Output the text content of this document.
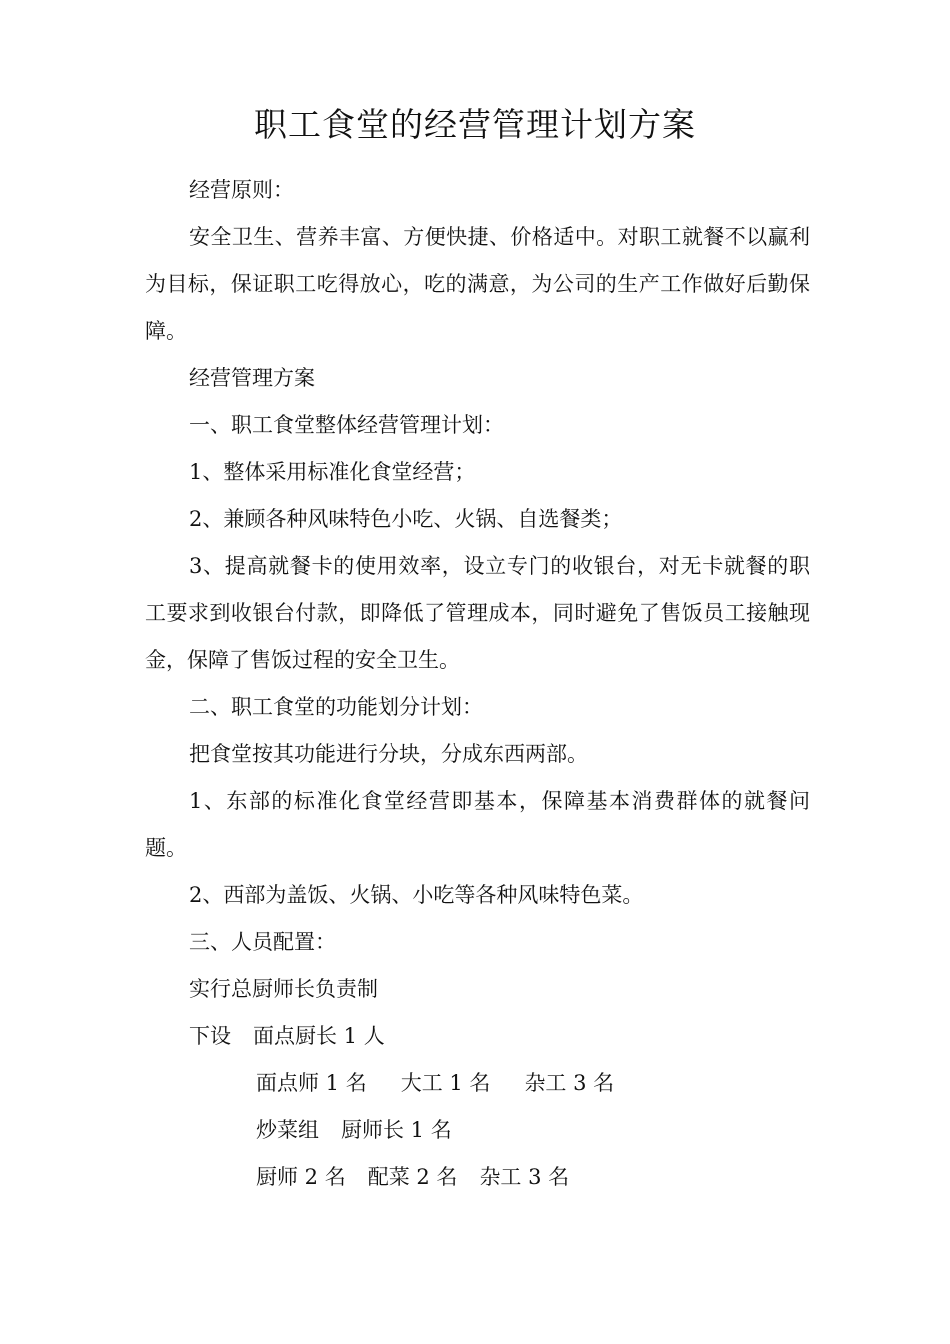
职工食堂的经营管理计划方案

经营原则：

安全卫生、营养丰富、方便快捷、价格适中。对职工就餐不以赢利为目标，保证职工吃得放心，吃的满意，为公司的生产工作做好后勤保障。

经营管理方案

一、职工食堂整体经营管理计划：

1、整体采用标准化食堂经营；

2、兼顾各种风味特色小吃、火锅、自选餐类；

3、提高就餐卡的使用效率，设立专门的收银台，对无卡就餐的职工要求到收银台付款，即降低了管理成本，同时避免了售饭员工接触现金，保障了售饭过程的安全卫生。

二、职工食堂的功能划分计划：

把食堂按其功能进行分块，分成东西两部。

1、东部的标准化食堂经营即基本，保障基本消费群体的就餐问题。

2、西部为盖饭、火锅、小吃等各种风味特色菜。

三、人员配置：

实行总厨师长负责制

下设 面点厨长 1 人
面点师 1 名 大工 1 名 杂工 3 名
炒菜组 厨师长 1 名
厨师 2 名 配菜 2 名 杂工 3 名
